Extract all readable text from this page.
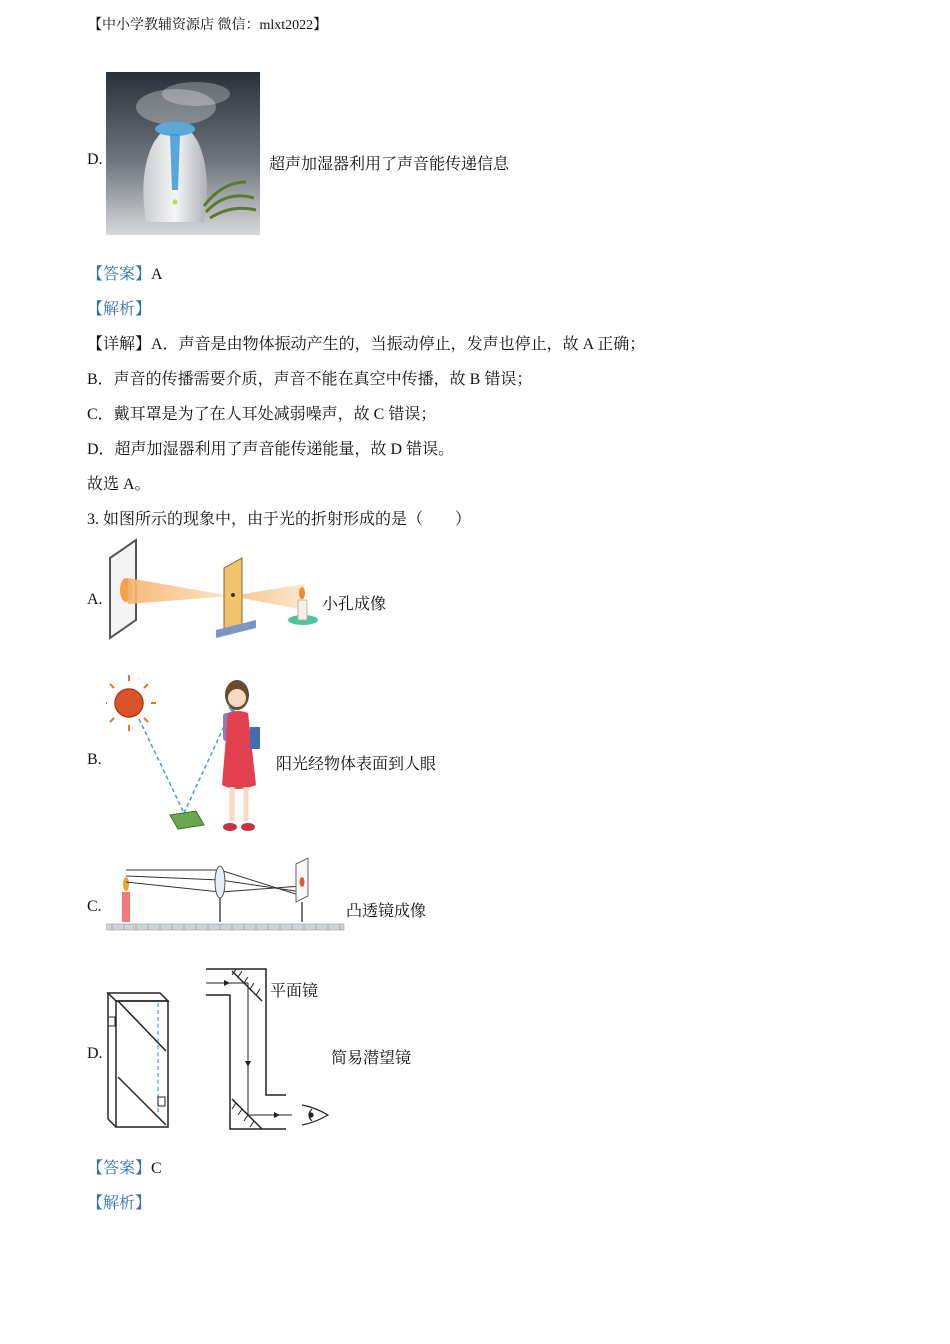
【中小学教辅资源店 微信：mlxt2022】
D.	超声加湿器利用了声音能传递信息
【答案】A
【解析】
【详解】A．声音是由物体振动产生的，当振动停止，发声也停止，故 A 正确；
B．声音的传播需要介质，声音不能在真空中传播，故 B 错误；
C．戴耳罩是为了在人耳处减弱噪声，故 C 错误；
D．超声加湿器利用了声音能传递能量，故 D 错误。
故选 A。
3. 如图所示的现象中，由于光的折射形成的是（　　）
A.	小孔成像
B.	阳光经物体表面到人眼
C.	凸透镜成像
D.
平面镜
简易潜望镜
【答案】C
【解析】
